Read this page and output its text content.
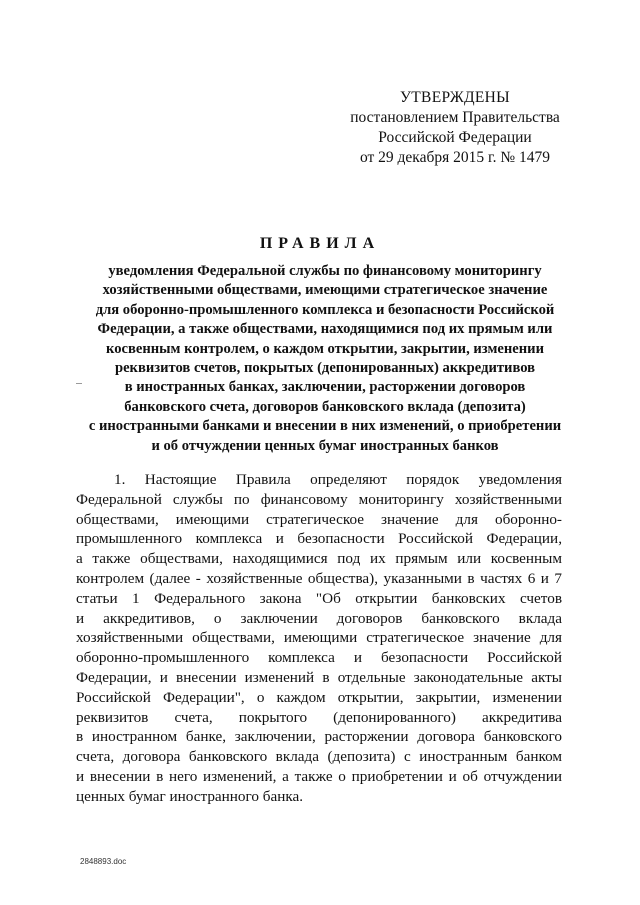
УТВЕРЖДЕНЫ
постановлением Правительства
Российской Федерации
от 29 декабря 2015 г. № 1479
ПРАВИЛА
уведомления Федеральной службы по финансовому мониторингу
хозяйственными обществами, имеющими стратегическое значение
для оборонно-промышленного комплекса и безопасности Российской
Федерации, а также обществами, находящимися под их прямым или
косвенным контролем, о каждом открытии, закрытии, изменении
реквизитов счетов, покрытых (депонированных) аккредитивов
в иностранных банках, заключении, расторжении договоров
банковского счета, договоров банковского вклада (депозита)
с иностранными банками и внесении в них изменений, о приобретении
и об отчуждении ценных бумаг иностранных банков
1. Настоящие Правила определяют порядок уведомления
Федеральной службы по финансовому мониторингу хозяйственными
обществами, имеющими стратегическое значение для оборонно-
промышленного комплекса и безопасности Российской Федерации,
а также обществами, находящимися под их прямым или косвенным
контролем (далее - хозяйственные общества), указанными в частях 6 и 7
статьи 1 Федерального закона "Об открытии банковских счетов
и аккредитивов, о заключении договоров банковского вклада
хозяйственными обществами, имеющими стратегическое значение для
оборонно-промышленного комплекса и безопасности Российской
Федерации, и внесении изменений в отдельные законодательные акты
Российской Федерации", о каждом открытии, закрытии, изменении
реквизитов счета, покрытого (депонированного) аккредитива
в иностранном банке, заключении, расторжении договора банковского
счета, договора банковского вклада (депозита) с иностранным банком
и внесении в него изменений, а также о приобретении и об отчуждении
ценных бумаг иностранного банка.
2848893.doc
